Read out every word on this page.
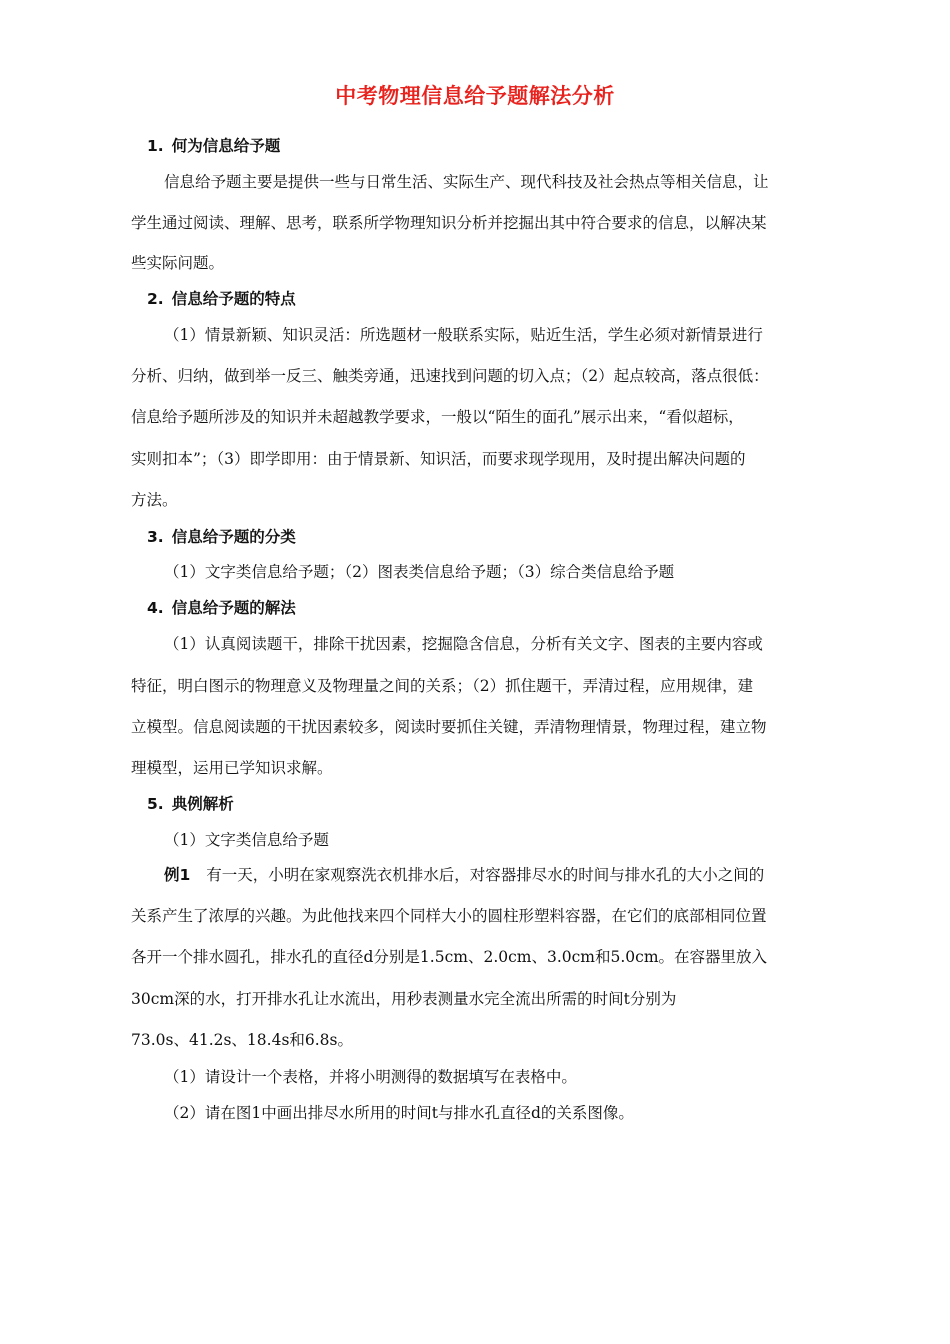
中考物理信息给予题解法分析
1. 何为信息给予题
信息给予题主要是提供一些与日常生活、实际生产、现代科技及社会热点等相关信息，让
学生通过阅读、理解、思考，联系所学物理知识分析并挖掘出其中符合要求的信息，以解决某
些实际问题。
2. 信息给予题的特点
（1）情景新颖、知识灵活：所选题材一般联系实际，贴近生活，学生必须对新情景进行
分析、归纳，做到举一反三、触类旁通，迅速找到问题的切入点；（2）起点较高，落点很低：
信息给予题所涉及的知识并未超越教学要求，一般以“陌生的面孔”展示出来，“看似超标，
实则扣本”；（3）即学即用：由于情景新、知识活，而要求现学现用，及时提出解决问题的
方法。
3. 信息给予题的分类
（1）文字类信息给予题；（2）图表类信息给予题；（3）综合类信息给予题
4. 信息给予题的解法
（1）认真阅读题干，排除干扰因素，挖掘隐含信息，分析有关文字、图表的主要内容或
特征，明白图示的物理意义及物理量之间的关系；（2）抓住题干，弄清过程，应用规律，建
立模型。信息阅读题的干扰因素较多，阅读时要抓住关键，弄清物理情景，物理过程，建立物
理模型，运用已学知识求解。
5. 典例解析
（1）文字类信息给予题
例1 有一天，小明在家观察洗衣机排水后，对容器排尽水的时间与排水孔的大小之间的
关系产生了浓厚的兴趣。为此他找来四个同样大小的圆柱形塑料容器，在它们的底部相同位置
各开一个排水圆孔，排水孔的直径d分别是1.5cm、2.0cm、3.0cm和5.0cm。在容器里放入
30cm深的水，打开排水孔让水流出，用秒表测量水完全流出所需的时间t分别为
73.0s、41.2s、18.4s和6.8s。
（1）请设计一个表格，并将小明测得的数据填写在表格中。
（2）请在图1中画出排尽水所用的时间t与排水孔直径d的关系图像。
